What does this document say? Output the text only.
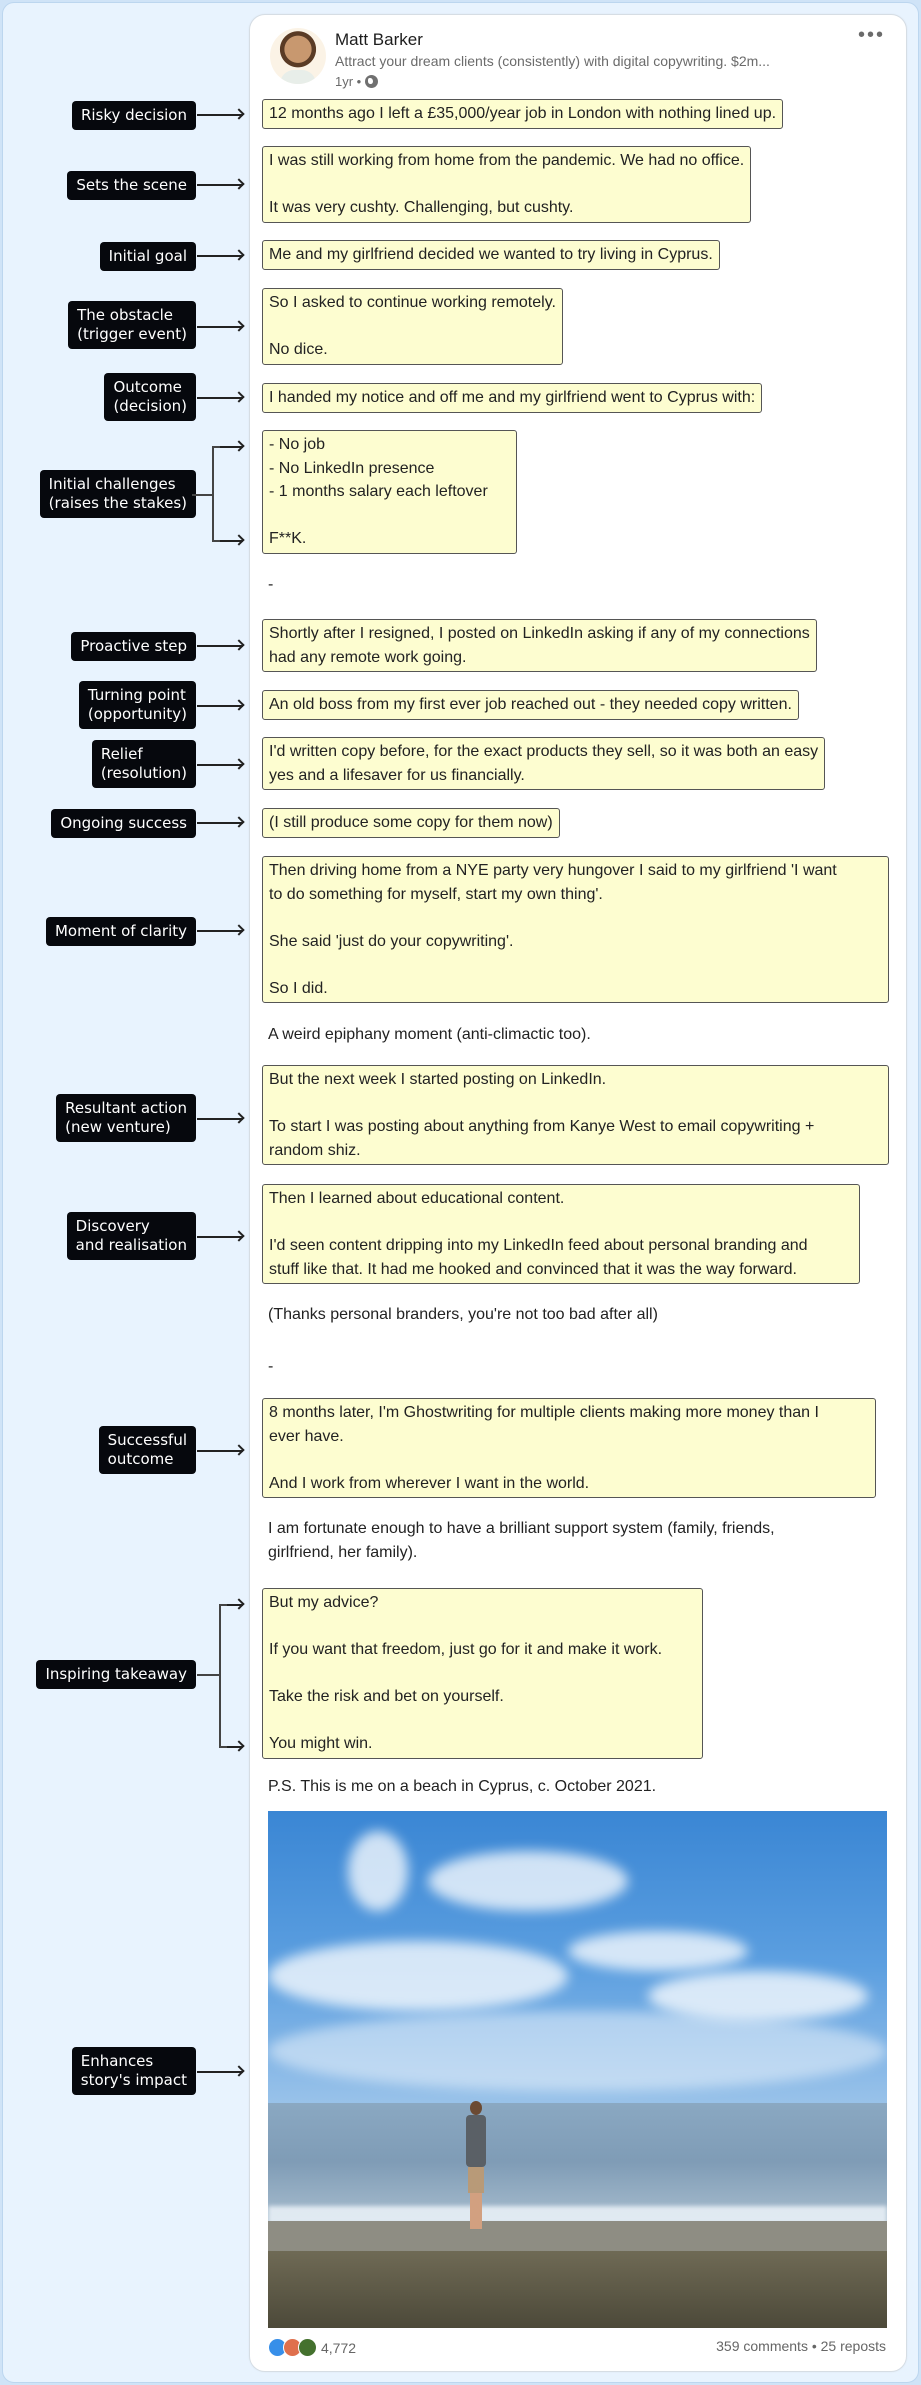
Matt Barker
Attract your dream clients (consistently) with digital copywriting. $2m...
1yr •
•••
12 months ago I left a £35,000/year job in London with nothing lined up.
I was still working from home from the pandemic. We had no office.

It was very cushty. Challenging, but cushty.
Me and my girlfriend decided we wanted to try living in Cyprus.
So I asked to continue working remotely.

No dice.
I handed my notice and off me and my girlfriend went to Cyprus with:
- No job
- No LinkedIn presence
- 1 months salary each leftover

F**K.
-
Shortly after I resigned, I posted on LinkedIn asking if any of my connections
had any remote work going.
An old boss from my first ever job reached out - they needed copy written.
I'd written copy before, for the exact products they sell, so it was both an easy
yes and a lifesaver for us financially.
(I still produce some copy for them now)
Then driving home from a NYE party very hungover I said to my girlfriend 'I want
to do something for myself, start my own thing'.

She said 'just do your copywriting'.

So I did.
A weird epiphany moment (anti-climactic too).
But the next week I started posting on LinkedIn.

To start I was posting about anything from Kanye West to email copywriting +
random shiz.
Then I learned about educational content.

I'd seen content dripping into my LinkedIn feed about personal branding and
stuff like that. It had me hooked and convinced that it was the way forward.
(Thanks personal branders, you're not too bad after all)
-
8 months later, I'm Ghostwriting for multiple clients making more money than I
ever have.

And I work from wherever I want in the world.
I am fortunate enough to have a brilliant support system (family, friends,
girlfriend, her family).
But my advice?

If you want that freedom, just go for it and make it work.

Take the risk and bet on yourself.

You might win.
P.S. This is me on a beach in Cyprus, c. October 2021.
Risky decision
Sets the scene
Initial goal
The obstacle
(trigger event)
Outcome
(decision)
Initial challenges
(raises the stakes)
Proactive step
Turning point
(opportunity)
Relief
(resolution)
Ongoing success
Moment of clarity
Resultant action
(new venture)
Discovery
and realisation
Successful
outcome
Inspiring takeaway
Enhances
story's impact
4,772	359 comments • 25 reposts
